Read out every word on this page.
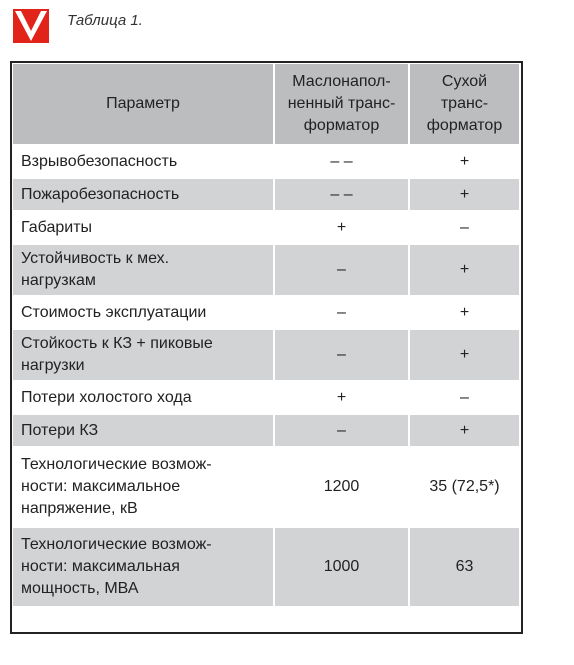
Таблица 1.
Параметр	Маслонапол-
ненный транс-
форматор	Сухой
транс-
форматор
Взрывобезопасность	– –	+
Пожаробезопасность	– –	+
Габариты	+	–
Устойчивость к мех.
нагрузкам	–	+
Стоимость эксплуатации	–	+
Стойкость к КЗ + пиковые
нагрузки	–	+
Потери холостого хода	+	–
Потери КЗ	–	+
Технологические возмож-
ности: максимальное
напряжение, кВ	1200	35 (72,5*)
Технологические возмож-
ности: максимальная
мощность, МВА	1000	63
